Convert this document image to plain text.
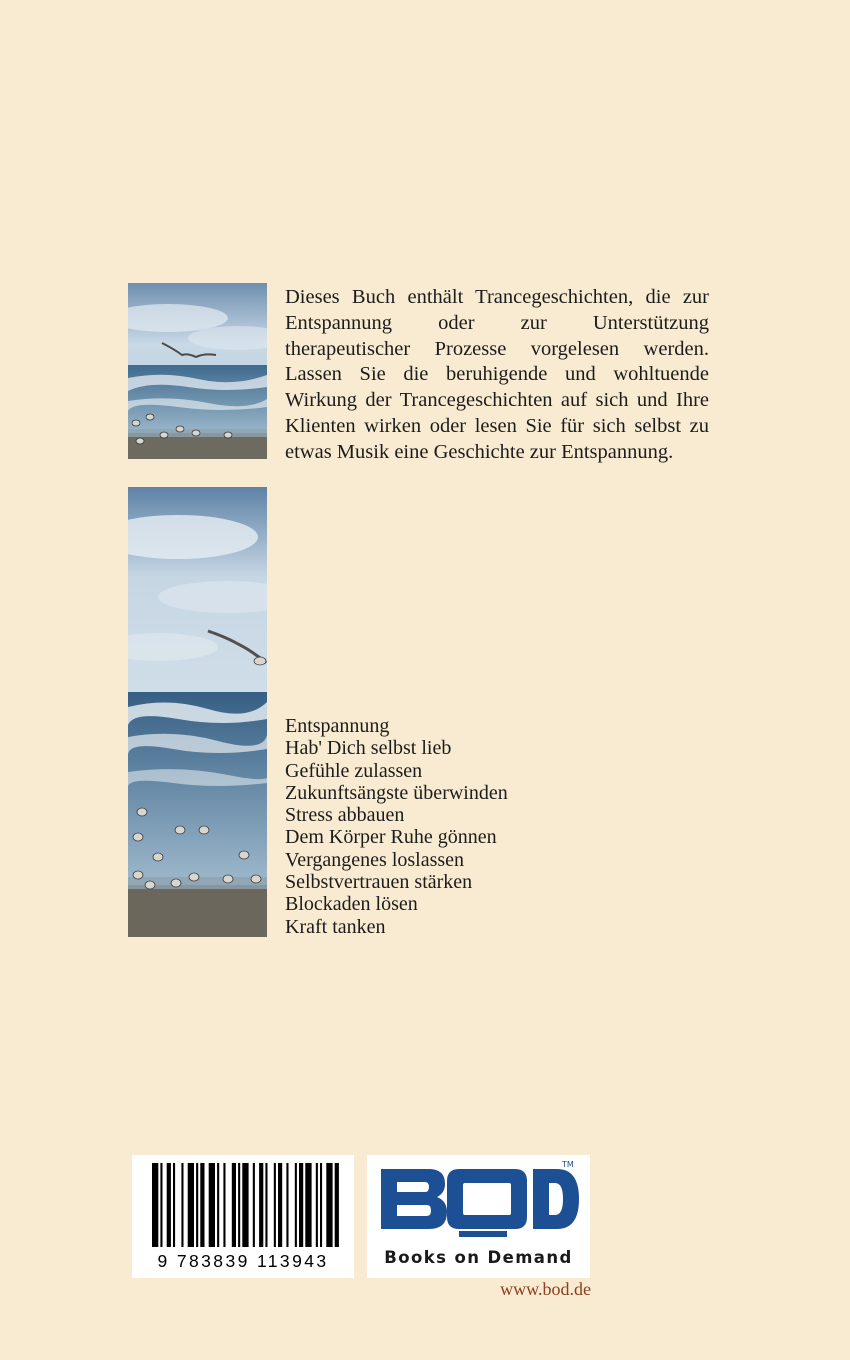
Dieses Buch enthält Trancegeschichten, die zur Entspannung oder zur Unterstützung therapeutischer Prozesse vorgelesen werden. Lassen Sie die beruhigende und wohltuende Wirkung der Trancegeschichten auf sich und Ihre Klienten wirken oder lesen Sie für sich selbst zu etwas Musik eine Geschichte zur Entspannung.

Entspannung
Hab' Dich selbst lieb
Gefühle zulassen
Zukunftsängste überwinden
Stress abbauen
Dem Körper Ruhe gönnen
Vergangenes loslassen
Selbstvertrauen stärken
Blockaden lösen
Kraft tanken
9 783839 113943
TM
Books on Demand
www.bod.de
